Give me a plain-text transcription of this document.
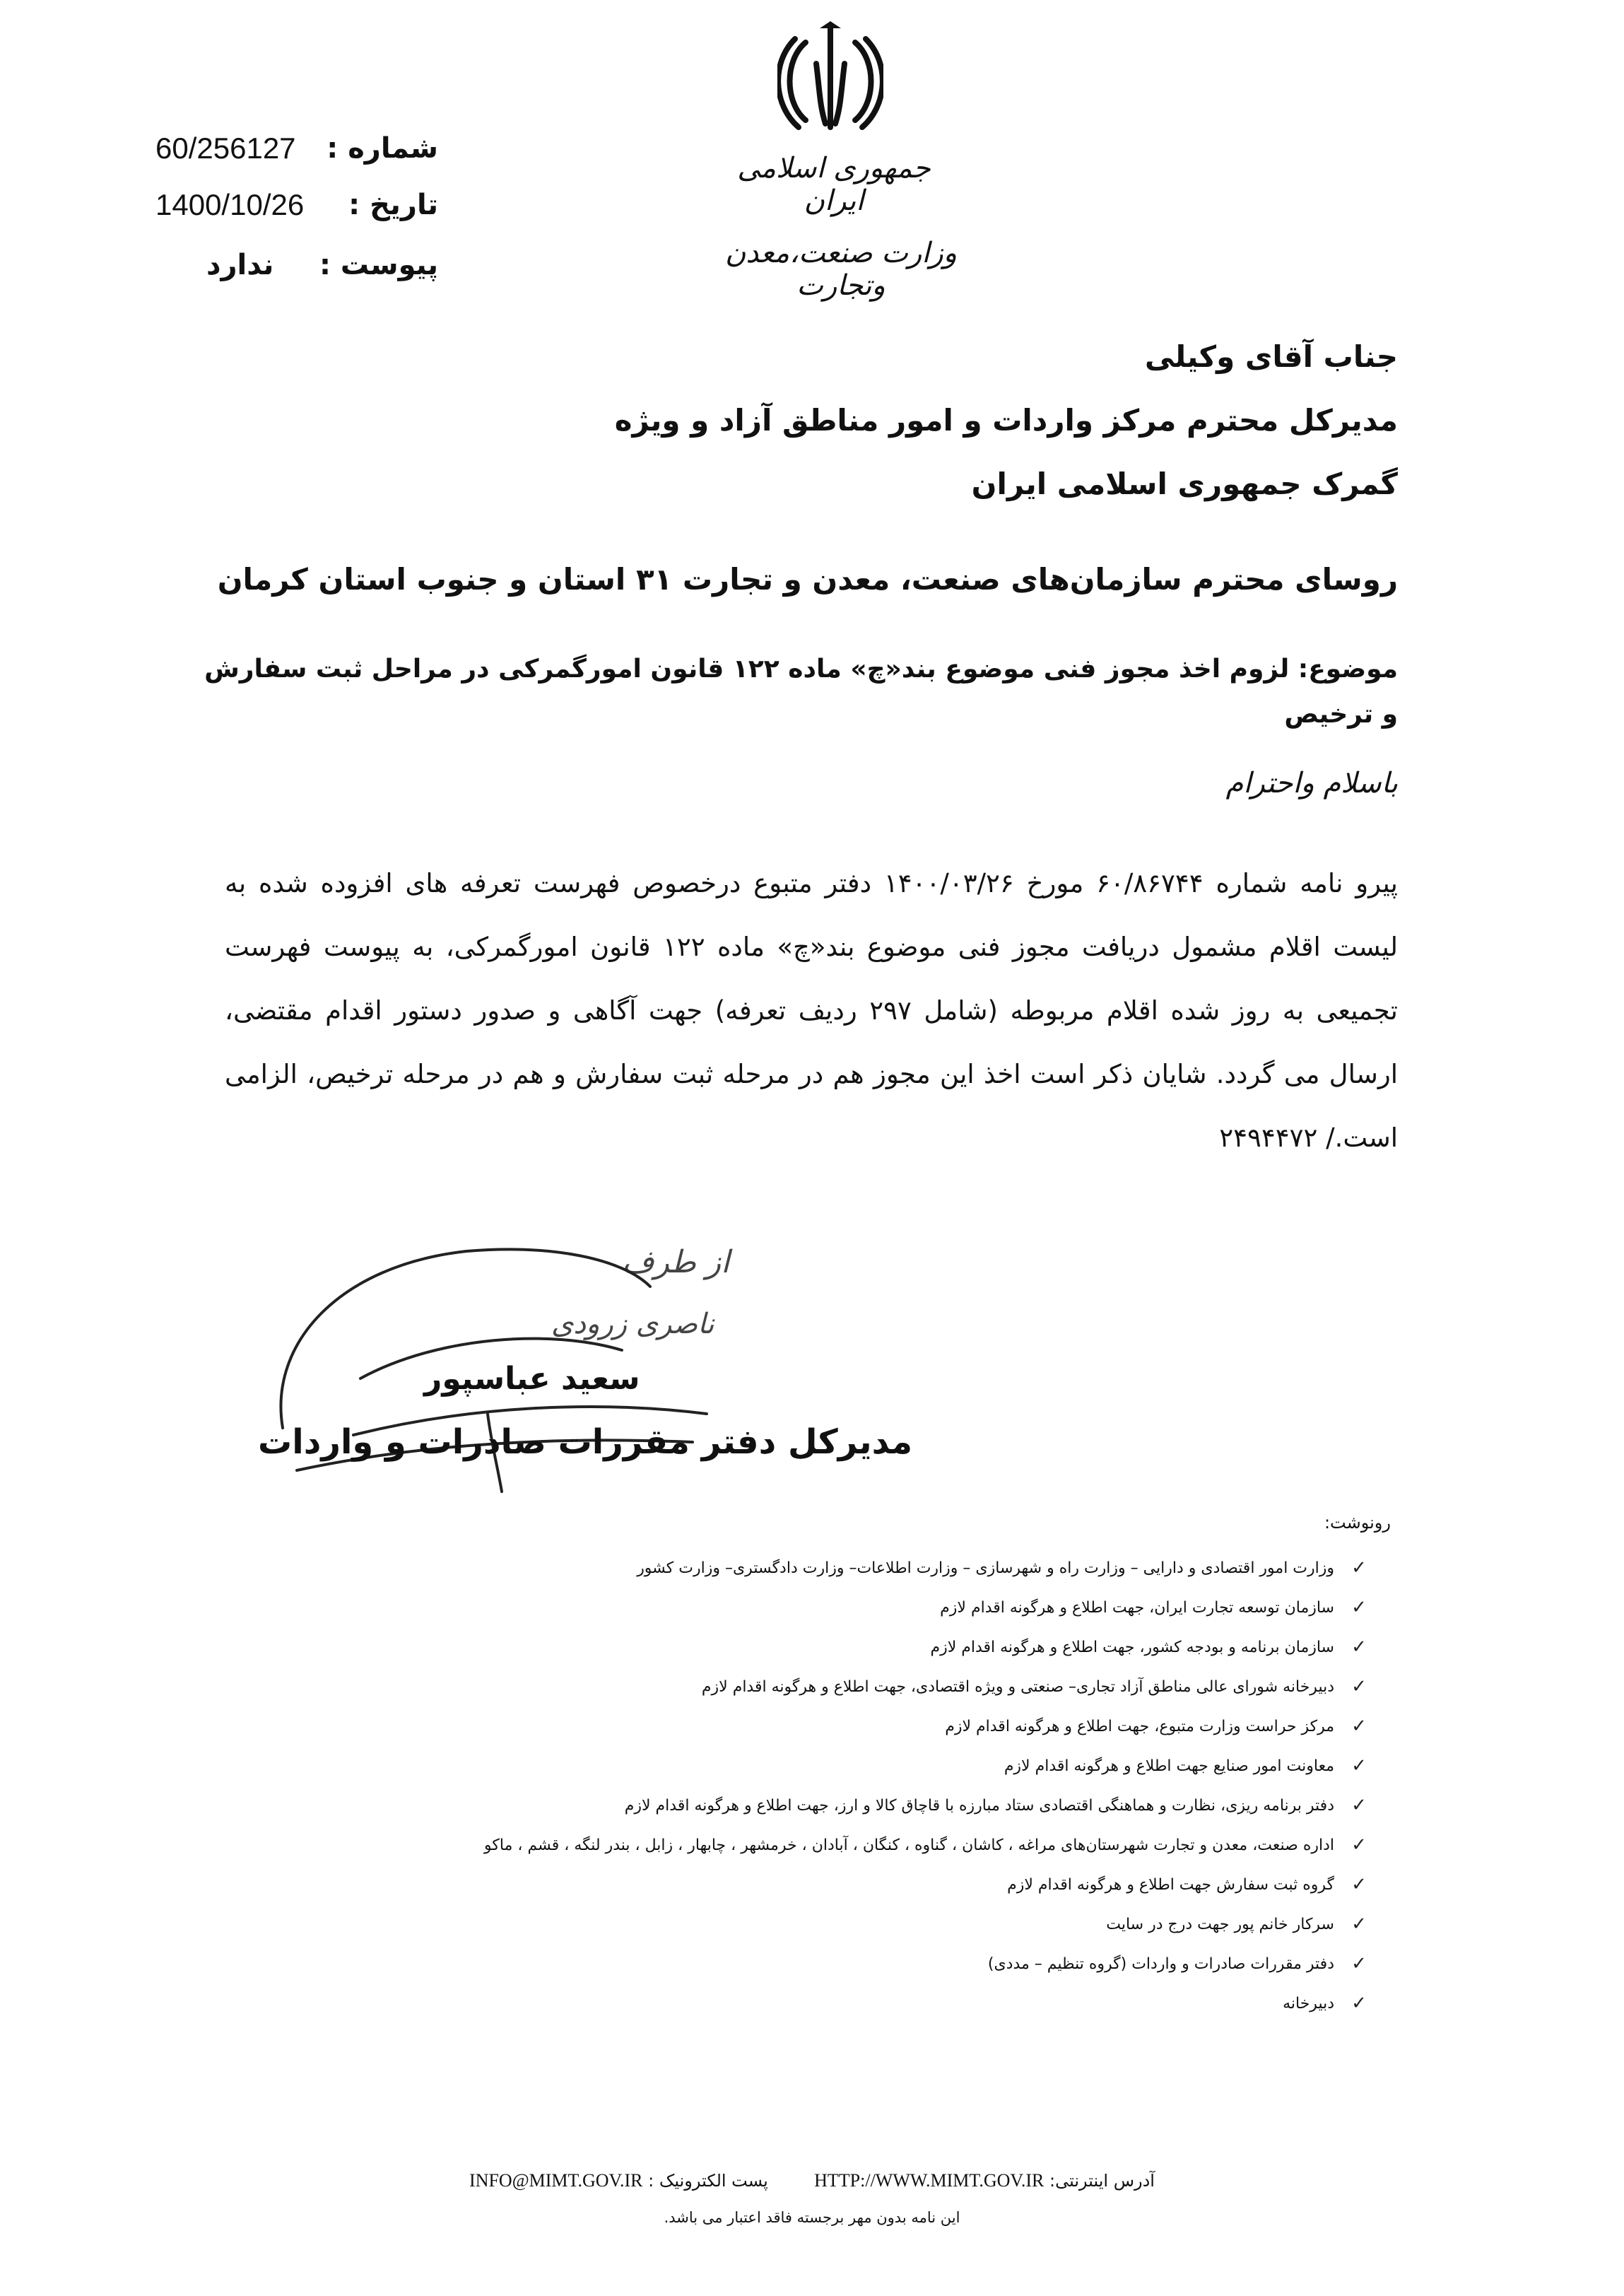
شماره :
60/256127
تاریخ :
1400/10/26
پیوست :
ندارد
جمهوری اسلامی ایران
وزارت صنعت،معدن وتجارت
جناب آقای وکیلی
مدیرکل محترم مرکز واردات و امور مناطق آزاد و ویژه
گمرک جمهوری اسلامی ایران
روسای محترم سازمان‌های صنعت، معدن و تجارت ۳۱ استان و جنوب استان کرمان
موضوع: لزوم اخذ مجوز فنی موضوع بند«چ» ماده ۱۲۲ قانون امورگمرکی در مراحل ثبت سفارش و ترخیص
باسلام واحترام
پیرو نامه شماره ۶۰/۸۶۷۴۴ مورخ ۱۴۰۰/۰۳/۲۶ دفتر متبوع درخصوص فهرست تعرفه های افزوده شده به لیست اقلام مشمول دریافت مجوز فنی موضوع بند«چ» ماده ۱۲۲ قانون امورگمرکی، به پیوست فهرست تجمیعی به روز شده اقلام مربوطه (شامل ۲۹۷ ردیف تعرفه) جهت آگاهی و صدور دستور اقدام مقتضی، ارسال می گردد. شایان ذکر است اخذ این مجوز هم در مرحله ثبت سفارش و هم در مرحله ترخیص، الزامی است./ ۲۴۹۴۴۷۲
از طرف
ناصری زرودی
سعید عباسپور
مدیرکل دفتر مقررات صادرات و واردات
رونوشت:
✓
وزارت امور اقتصادی و دارایی – وزارت راه و شهرسازی – وزارت اطلاعات– وزارت دادگستری– وزارت کشور
✓
سازمان توسعه تجارت ایران، جهت اطلاع و هرگونه اقدام لازم
✓
سازمان برنامه و بودجه کشور، جهت اطلاع و هرگونه اقدام لازم
✓
دبیرخانه شورای عالی مناطق آزاد تجاری– صنعتی و ویژه اقتصادی، جهت اطلاع و هرگونه اقدام لازم
✓
مرکز حراست وزارت متبوع، جهت اطلاع و هرگونه اقدام لازم
✓
معاونت امور صنایع جهت اطلاع و هرگونه اقدام لازم
✓
دفتر برنامه ریزی، نظارت و هماهنگی اقتصادی ستاد مبارزه با قاچاق کالا و ارز، جهت اطلاع و هرگونه اقدام لازم
✓
اداره صنعت، معدن و تجارت شهرستان‌های مراغه ، کاشان ، گناوه ، کنگان ، آبادان ، خرمشهر ، چابهار ، زابل ، بندر لنگه ، قشم ، ماکو
✓
گروه ثبت سفارش جهت اطلاع و هرگونه اقدام لازم
✓
سرکار خانم پور جهت درج در سایت
✓
دفتر مقررات صادرات و واردات (گروه تنظیم – مددی)
✓
دبیرخانه
آدرس اینترنتی: HTTP://WWW.MIMT.GOV.IR  پست الکترونیک : INFO@MIMT.GOV.IR
این نامه بدون مهر برجسته فاقد اعتبار می باشد.
